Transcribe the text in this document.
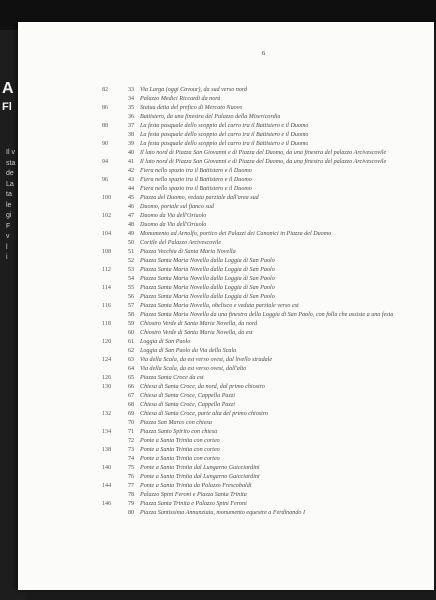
A
Fl
Il v
sta
de
La
ta
le
gi
F
v
l
i
6
82	33 Via Larga (oggi Cavour), da sud verso nord
34 Palazzo Medici Riccardi da nord
86	35 Statua detta del prefico di Mercato Nuovo
36 Battistero, da una finestra del Palazzo della Misericordia
88	37 La festa pasquale dello scoppio del carro tra il Battistero e il Duomo
38 La festa pasquale dello scoppio del carro tra il Battistero e il Duomo
90	39 La festa pasquale dello scoppio del carro tra il Battistero e il Duomo
40 Il lato nord di Piazza San Giovanni e di Piazza del Duomo, da una finestra del palazzo Arcivescovile
94	41 Il lato nord di Piazza San Giovanni e di Piazza del Duomo, da una finestra del palazzo Arcivescovile
42 Fiera nello spazio tra il Battistero e il Duomo
96	43 Fiera nello spazio tra il Battistero e il Duomo
44 Fiera nello spazio tra il Battistero e il Duomo
100	45 Piazza del Duomo, veduta parziale dall'area sud
46 Duomo, portale sul fianco sud
102	47 Duomo da Via dell'Oriuolo
48 Duomo da Via dell'Oriuolo
104	49 Monumento ad Arnolfo, portico dei Palazzi dei Canonici in Piazza del Duomo
50 Cortile del Palazzo Arcivescovile
108	51 Piazza Vecchia di Santa Maria Novella
52 Piazza Santa Maria Novella dalla Loggia di San Paolo
112	53 Piazza Santa Maria Novella dalla Loggia di San Paolo
54 Piazza Santa Maria Novella dalla Loggia di San Paolo
114	55 Piazza Santa Maria Novella dalla Loggia di San Paolo
56 Piazza Santa Maria Novella dalla Loggia di San Paolo
116	57 Piazza Santa Maria Novella, obelisco e veduta parziale verso est
58 Piazza Santa Maria Novella da una finestra della Loggia di San Paolo, con folla che assiste a una festa
118	59 Chiostro Verde di Santa Maria Novella, da nord
60 Chiostro Verde di Santa Maria Novella, da est
120	61 Loggia di San Paolo
62 Loggia di San Paolo da Via della Scala
124	63 Via della Scala, da est verso ovest, dal livello stradale
64 Via della Scala, da est verso ovest, dall'alto
126	65 Piazza Santa Croce da est
130	66 Chiesa di Santa Croce, da nord, dal primo chiostro
67 Chiesa di Santa Croce, Cappella Pazzi
68 Chiesa di Santa Croce, Cappella Pazzi
132	69 Chiesa di Santa Croce, parte alta del primo chiostro
70 Piazza San Marco con chiesa
134	71 Piazza Santo Spirito con chiesa
72 Ponte a Santa Trinita con corteo
138	73 Ponte a Santa Trinita con corteo
74 Ponte a Santa Trinita con corteo
140	75 Ponte a Santa Trinita dal Lungarno Guicciardini
76 Ponte a Santa Trinita dal Lungarno Guicciardini
144	77 Ponte a Santa Trinita da Palazzo Frescobaldi
78 Palazzo Spini Feroni e Piazza Santa Trinita
146	79 Piazza Santa Trinita e Palazzo Spini Feroni
80 Piazza Santissima Annunziata, monumento equestre a Ferdinando I
